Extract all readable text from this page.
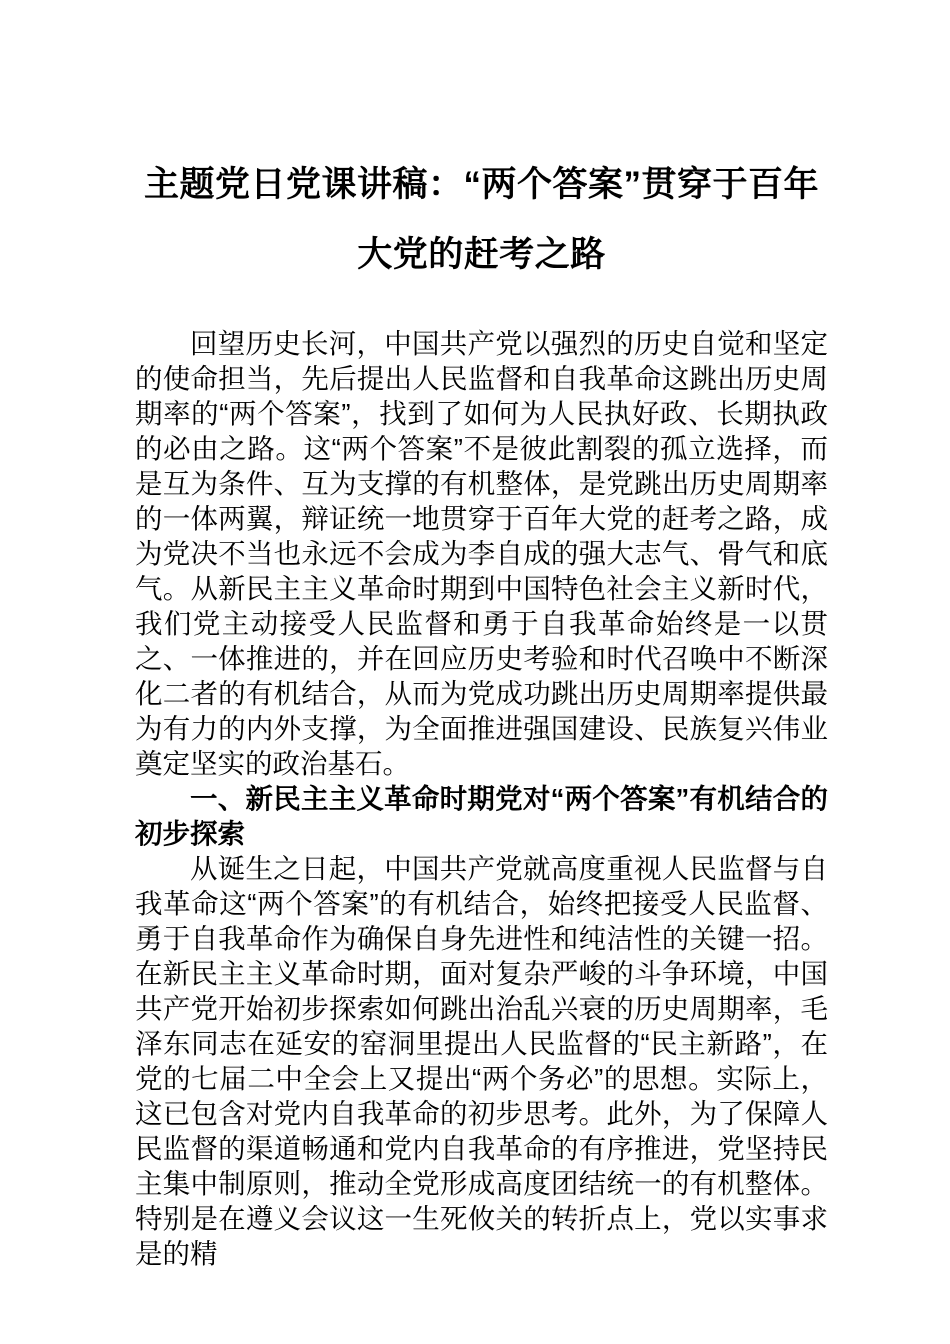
主题党日党课讲稿：“两个答案”贯穿于百年
大党的赶考之路

回望历史长河，中国共产党以强烈的历史自觉和坚定的使命担当，先后提出人民监督和自我革命这跳出历史周期率的“两个答案”，找到了如何为人民执好政、长期执政的必由之路。这“两个答案”不是彼此割裂的孤立选择，而是互为条件、互为支撑的有机整体，是党跳出历史周期率的一体两翼，辩证统一地贯穿于百年大党的赶考之路，成为党决不当也永远不会成为李自成的强大志气、骨气和底气。从新民主主义革命时期到中国特色社会主义新时代，我们党主动接受人民监督和勇于自我革命始终是一以贯之、一体推进的，并在回应历史考验和时代召唤中不断深化二者的有机结合，从而为党成功跳出历史周期率提供最为有力的内外支撑，为全面推进强国建设、民族复兴伟业奠定坚实的政治基石。

一、新民主主义革命时期党对“两个答案”有机结合的初步探索

从诞生之日起，中国共产党就高度重视人民监督与自我革命这“两个答案”的有机结合，始终把接受人民监督、勇于自我革命作为确保自身先进性和纯洁性的关键一招。在新民主主义革命时期，面对复杂严峻的斗争环境，中国共产党开始初步探索如何跳出治乱兴衰的历史周期率，毛泽东同志在延安的窑洞里提出人民监督的“民主新路”，在党的七届二中全会上又提出“两个务必”的思想。实际上，这已包含对党内自我革命的初步思考。此外，为了保障人民监督的渠道畅通和党内自我革命的有序推进，党坚持民主集中制原则，推动全党形成高度团结统一的有机整体。特别是在遵义会议这一生死攸关的转折点上，党以实事求是的精
